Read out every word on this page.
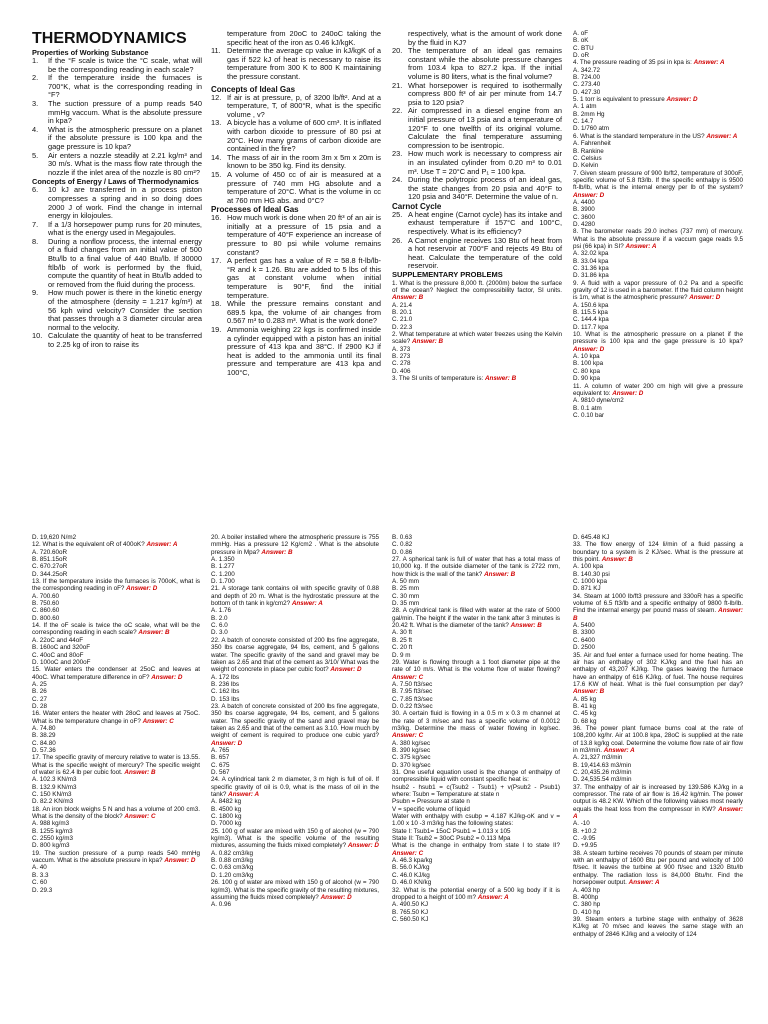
THERMODYNAMICS

Properties of Working Substance

1.	If the °F scale is twice the °C scale, what will be the corresponding reading in each scale?

2.	If the temperature inside the furnaces is 700°K, what is the corresponding reading in °F?

3.	The suction pressure of a pump reads 540 mmHg vaccum. What is the absolute pressure in kpa?

4.	What is the atmospheric pressure on a planet if the absolute pressure is 100 kpa and the gage pressure is 10 kpa?

5.	Air enters a nozzle steadily at 2.21 kg/m³ and 30 m/s. What is the mass flow rate through the nozzle if the inlet area of the nozzle is 80 cm²?

Concepts of Energy / Laws of Thermodynamics

6.	10 kJ are transferred in a process piston compresses a spring and in so doing does 2000 J of work. Find the change in internal energy in kilojoules.

7.	If a 1/3 horsepower pump runs for 20 minutes, what is the energy used in Megajoules.

8.	During a nonflow process, the internal energy of a fluid changes from an initial value of 500 Btu/lb to a final value of 440 Btu/lb. If 30000 ftlb/lb of work is performed by the fluid, compute the quantity of heat in Btu/lb added to or removed from the fluid during the process.

9.	How much power is there in the kinetic energy of the atmosphere (density = 1.217 kg/m³) at 56 kph wind velocity? Consider the section that passes through a 3 diameter circular area normal to the velocity.

10. Calculate the quantity of heat to be transferred to 2.25 kg of iron to raise its

temperature from 20oC to 240oC taking the specific heat of the iron as 0.46 kJ/kgK.

11. Determine the average cp value in kJ/kgK of a gas if 522 kJ of heat is necessary to raise its temperature from 300 K to 800 K maintaining the pressure constant.

Concepts of Ideal Gas

12. If air is at pressure, p, of 3200 lb/ft². And at a temperature, T, of 800°R, what is the specific volume , v?

13. A bicycle has a volume of 600 cm³. It is inflated with carbon dioxide to pressure of 80 psi at 20°C. How many grams of carbon dioxide are contained in the fire?

14. The mass of air in the room 3m x 5m x 20m is known to be 350 kg. Find its density.

15. A volume of 450 cc of air is measured at a pressure of 740 mm HG absolute and a temperature of 20°C. What is the volume in cc at 760 mm HG abs. and 0°C?

Processes of Ideal Gas

16. How much work is done when 20 ft³ of an air is initially at a pressure of 15 psia and a temperature of 40°F experience an increase of pressure to 80 psi while volume remains constant?

17. A perfect gas has a value of R = 58.8 ft-lb/lb-°R and k = 1.26. Btu are added to 5 lbs of this gas at constant volume when initial temperature is 90°F, find the initial temperature.

18. While the pressure remains constant and 689.5 kpa, the volume of air changes from 0.567 m³ to 0.283 m³. What is the work done?

19. Ammonia weighing 22 kgs is confirmed inside a cylinder equipped with a piston has an initial pressure of 413 kpa and 38°C. If 2900 KJ if heat is added to the ammonia until its final pressure and temperature are 413 kpa and 100°C,

respectively, what is the amount of work done by the fluid in KJ?

20. The temperature of an ideal gas remains constant while the absolute pressure changes from 103.4 kpa to 827.2 kpa. If the initial volume is 80 liters, what is the final volume?

21. What horsepower is required to isothermally compress 800 ft³ of air per minute from 14.7 psia to 120 psia?

22. Air compressed in a diesel engine from an initial pressure of 13 psia and a temperature of 120°F to one twelfth of its original volume. Calculate the final temperature assuming compression to be isentropic.

23. How much work is necessary to compress air in an insulated cylinder from 0.20 m³ to 0.01 m³. Use T = 20°C and P₁ = 100 kpa.

24. During the polytropic process of an ideal gas, the state changes from 20 psia and 40°F to 120 psia and 340°F. Determine the value of n.

Carnot Cycle

25. A heat engine (Carnot cycle) has its intake and exhaust temperature if 157°C and 100°C, respectively. What is its efficiency?

26. A Carnot engine receives 130 Btu of heat from a hot reservoir at 700°F and rejects 49 Btu of heat. Calculate the temperature of the cold reservoir.

SUPPLEMENTARY PROBLEMS

1. What is the pressure 8,000 ft. (2000m) below the surface of the ocean? Neglect the compressibility factor, SI units. Answer: B

A. 21.4

B. 20.1

C. 21.0

D. 22.3

2. What temperature at which water freezes using the Kelvin scale? Answer: B

A. 373

B. 273

C. 278

D. 406

3. The SI units of temperature is: Answer: B

A. oF

B. oK

C. BTU

D. oR

4. The pressure reading of 35 psi in kpa is: Answer: A

A. 342.72

B. 724.00

C. 273.40

D. 427.30

5. 1 torr is equivalent to pressure Answer: D

A. 1 atm

B. 2mm Hg

C. 14.7

D. 1/760 atm

6. What is the standard temperature in the US? Answer: A

A. Fahrenheit

B. Rankine

C. Celsius

D. Kelvin

7. Given steam pressure of 900 lb/ft2, temperature of 300oF, specific volume of 5.8 ft3/lb. If the specific enthalpy is 9500 ft-lb/lb, what is the internal energy per lb of the system? Answer: D

A. 4400

B. 3900

C. 3600

D. 4280

8. The barometer reads 29.0 inches (737 mm) of mercury. What is the absolute pressure if a vaccum gage reads 9.5 psi (66 kpa) in SI? Answer: A

A. 32.02 kpa

B. 33.04 kpa

C. 31.36 kpa

D. 31.86 kpa

9. A fluid with a vapor pressure of 0.2 Pa and a specific gravity of 12 is used in a barometer. If the fluid column height is 1m, what is the atmospheric pressure? Answer: D

A. 150.6 kpa

B. 115.5 kpa

C. 144.4 kpa

D. 117.7 kpa

10. What is the atmospheric pressure on a planet if the pressure is 100 kpa and the gage pressure is 10 kpa? Answer: D

A. 10 kpa

B. 100 kpa

C. 80 kpa

D. 90 kpa

11. A column of water 200 cm high will give a pressure equivalent to: Answer: D

A. 9810 dyne/cm2

B. 0.1 atm

C. 0.10 bar

D. 19,620 N/m2

12. What is the equivalent oR of 400oK? Answer: A

A. 720.60oR

B. 851.15oR

C. 670.27oR

D. 344.25oR

13. If the temperature inside the furnaces is 700oK, what is the corresponding reading in oF? Answer: D

A. 700.60

B. 750.60

C. 860.60

D. 800.60

14. If the oF scale is twice the oC scale, what will be the corresponding reading in each scale? Answer: B

A. 22oC and 44oF

B. 160oC and 320oF

C. 40oC and 80oF

D. 100oC and 200oF

15. Water enters the condenser at 25oC and leaves at 40oC. What temperature difference in oF? Answer: D

A. 25

B. 26

C. 27

D. 28

16. Water enters the heater with 28oC and leaves at 75oC. What is the temperature change in oF? Answer: C

A. 74.80

B. 38.29

C. 84.80

D. 57.36

17. The specific gravity of mercury relative to water is 13.55. What is the specific weight of mercury? The specific weight of water is 62.4 lb per cubic foot. Answer: B

A. 102.3 KN/m3

B. 132.9 KN/m3

C. 150 KN/m3

D. 82.2 KN/m3

18. An iron block weighs 5 N and has a volume of 200 cm3. What is the density of the block? Answer: C

A. 988 kg/m3

B. 1255 kg/m3

C. 2550 kg/m3

D. 800 kg/m3

19. The suction pressure of a pump reads 540 mmHg vaccum. What is the absolute pressure in kpa? Answer: D

A. 40

B. 3.3

C. 60

D. 29.3

20. A boiler installed where the atmospheric pressure is 755 mmHg. Has a pressure 12 Kg/cm2 . What is the absolute pressure in Mpa? Answer: B

A. 1.350

B. 1.277

C. 1.200

D. 1.700

21. A storage tank contains oil with specific gravity of 0.88 and depth of 20 m. What is the hydrostatic pressure at the bottom of th tank in kg/cm2? Answer: A

A. 1.76

B. 2.0

C. 6.0

D. 3.0

22. A batch of concrete consisted of 200 lbs fine aggregate, 350 lbs coarse aggregate, 94 lbs, cement, and 5 gallons water. The specific gravity of the sand and gravel may be taken as 2.65 and that of the cement as 3/10/ What was the weight of concrete in place per cubic foot? Answer: D

A. 172 lbs

B. 236 lbs

C. 162 lbs

D. 153 lbs

23. A batch of concrete consisted of 200 lbs fine aggregate, 350 lbs coarse aggregate, 94 lbs, cement, and 5 gallons water. The specific gravity of the sand and gravel may be taken as 2.65 and that of the cement as 3.10. How much by weight of cement is required to produce one cubic yard? Answer: D

A. 765

B. 657

C. 675

D. 567

24. A cylindrical tank 2 m diameter, 3 m high is full of oil. If specific gravity of oil is 0.9, what is the mass of oil in the tank? Answer: A

A. 8482 kg

B. 4500 kg

C. 1800 kg

D. 7000 kg

25. 100 g of water are mixed with 150 g of alcohol (w = 790 kg/m3). What is the specific volume of the resulting mixtures, assuming the fluids mixed completely? Answer: D

A. 0.82 cm3/kg

B. 0.88 cm3/kg

C. 0.63 cm3/kg

D. 1.20 cm3/kg

26. 100 g of water are mixed with 150 g of alcohol (w = 790 kg/m3). What is the specific gravity of the resulting mixtures, assuming the fluids mixed completely? Answer: D

A. 0.96

B. 0.63

C. 0.82

D. 0.86

27. A spherical tank is full of water that has a total mass of 10,000 kg. If the outside diameter of the tank is 2722 mm, how thick is the wall of the tank? Answer: B

A. 50 mm

B. 25 mm

C. 30 mm

D. 35 mm

28. A cylindrical tank is filled with water at the rate of 5000 gal/min. The height if the water in the tank after 3 minutes is 20.42 ft. What is the diameter of the tank? Answer: B

A. 30 ft

B. 25 ft

C. 20 ft

D. 9 m

29. Water is flowing through a 1 foot diameter pipe at the rate of 10 m/s. What is the volume flow of water flowing? Answer: C

A. 7.50 ft3/sec

B. 7.95 ft3/sec

C. 7.85 ft3/sec

D. 0.22 ft3/sec

30. A certain fluid is flowing in a 0.5 m x 0.3 m channel at the rate of 3 m/sec and has a specific volume of 0.0012 m3/kg. Determine the mass of water flowing in kg/sec. Answer: C

A. 380 kg/sec

B. 390 kg/sec

C. 375 kg/sec

D. 370 kg/sec

31. One useful equation used is the change of enthalpy of compressible liquid with constant specific heat is:

hsub2 - hsub1 = c(Tsub2 - Tsub1) + v(Psub2 - Psub1) where: Tsubn = Temperature at state n

Psubn = Pressure at state n

V = specific volume of liquid

Water with enthalpy with csubp = 4.187 KJ/kg-oK and v = 1.00 x 10 -3 m3/kg has the following states:

State I: Tsub1= 15oC Psub1 = 1.013 x 105

State II: Tsub2 = 30oC Psub2 = 0.113 Mpa

What is the change in enthalpy from state I to state II? Answer: C

A. 46.3 kpa/kg

B. 56.0 KJ/kg

C. 46.0 KJ/kg

D. 46.0 KN/kg

32. What is the potential energy of a 500 kg body if it is dropped to a height of 100 m? Answer: A

A. 490.50 KJ

B. 765.50 KJ

C. 560.50 KJ

D. 645.48 KJ

33. The flow energy of 124 li/min of a fluid passing a boundary to a system is 2 KJ/sec. What is the pressure at this point. Answer: B

A. 100 kpa

B. 140.30 psi

C. 1000 kpa

D. 871 KJ

34. Steam at 1000 lb/ft3 pressure and 330oR has a specific volume of 6.5 ft3/lb and a specific enthalpy of 9800 ft-lb/lb. Find the internal energy per pound mass of steam. Answer: B

A. 5400

B. 3300

C. 6400

D. 2500

35. Air and fuel enter a furnace used for home heating. The air has an enthalpy of 302 KJ/kg and the fuel has an enthalpy of 43,207 KJ/kg. The gases leaving the furnace have an enthalpy of 616 KJ/kg. of fuel. The house requires 17.6 KW of heat. What is the fuel consumption per day? Answer: B

A. 85 kg

B. 41 kg

C. 45 kg

D. 68 kg

36. The power plant furnace burns coal at the rate of 108,200 kg/hr. Air at 100.8 kpa, 28oC is supplied at the rate of 13.8 kg/kg coal. Determine the volume flow rate of air flow in m3/min. Answer: A

A. 21,327 m3/min

B. 19,414.63 m3/min

C. 20,435.26 m3/min

D. 24,535.54 m3/min

37. The enthalpy of air is increased by 139.586 KJ/kg in a compressor. The rate of air flow is 16.42 kg/min. The power output is 48.2 KW. Which of the following values most nearly equals the heat loss from the compressor in KW? Answer: A

A. -10

B. +10.2

C. -9.95

D. +9.95

38. A steam turbine receives 70 pounds of steam per minute with an enthalpy of 1600 Btu per pound and velocity of 100 ft/sec. It leaves the turbine at 900 ft/sec and 1320 Btu/lb enthalpy. The radiation loss is 84,000 Btu/hr. Find the horsepower output. Answer: A

A. 403 hp

B. 400hp

C. 380 hp

D. 410 hp

39. Steam enters a turbine stage with enthalpy of 3628 KJ/kg at 70 m/sec and leaves the same stage with an enthalpy of 2846 KJ/kg and a velocity of 124
